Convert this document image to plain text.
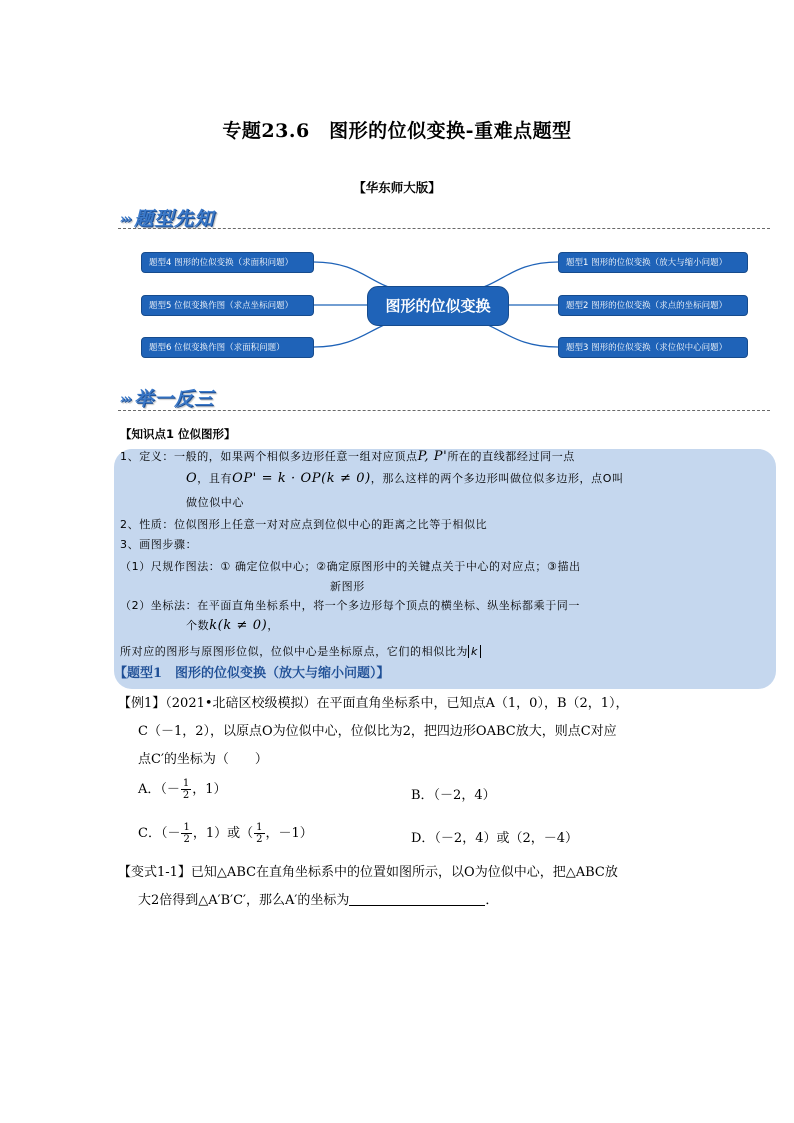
专题23.6　图形的位似变换-重难点题型
【华东师大版】
››› 题型先知
题型4 图形的位似变换（求面积问题）
题型5 位似变换作图（求点坐标问题）
题型6 位似变换作图（求面积问题）
图形的位似变换
题型1 图形的位似变换（放大与缩小问题）
题型2 图形的位似变换（求点的坐标问题）
题型3 图形的位似变换（求位似中心问题）
››› 举一反三
【知识点1 位似图形】
1、定义：一般的，如果两个相似多边形任意一组对应顶点P, P'所在的直线都经过同一点
O，且有OP' = k · OP(k ≠ 0)，那么这样的两个多边形叫做位似多边形，点O叫
做位似中心
2、性质：位似图形上任意一对对应点到位似中心的距离之比等于相似比
3、画图步骤：
（1）尺规作图法：① 确定位似中心；②确定原图形中的关键点关于中心的对应点；③描出
新图形
（2）坐标法：在平面直角坐标系中，将一个多边形每个顶点的横坐标、纵坐标都乘于同一
个数k(k ≠ 0)，
所对应的图形与原图形位似，位似中心是坐标原点，它们的相似比为 k
【题型1　图形的位似变换（放大与缩小问题）】
【例1】（2021•北碚区校级模拟）在平面直角坐标系中，已知点A（1，0），B（2，1），
C（－1，2），以原点O为位似中心，位似比为2，把四边形OABC放大，则点C对应
点C′的坐标为（　　）
A．（－ $\frac{1}{2}$ ，1）	B．（－2，4）
C．（－ $\frac{1}{2}$ ，1）或（ $\frac{1}{2}$ ，－1）	D．（－2，4）或（2，－4）
【变式1-1】已知△ABC在直角坐标系中的位置如图所示，以O为位似中心，把△ABC放
大2倍得到△A′B′C′，那么A′的坐标为	．
